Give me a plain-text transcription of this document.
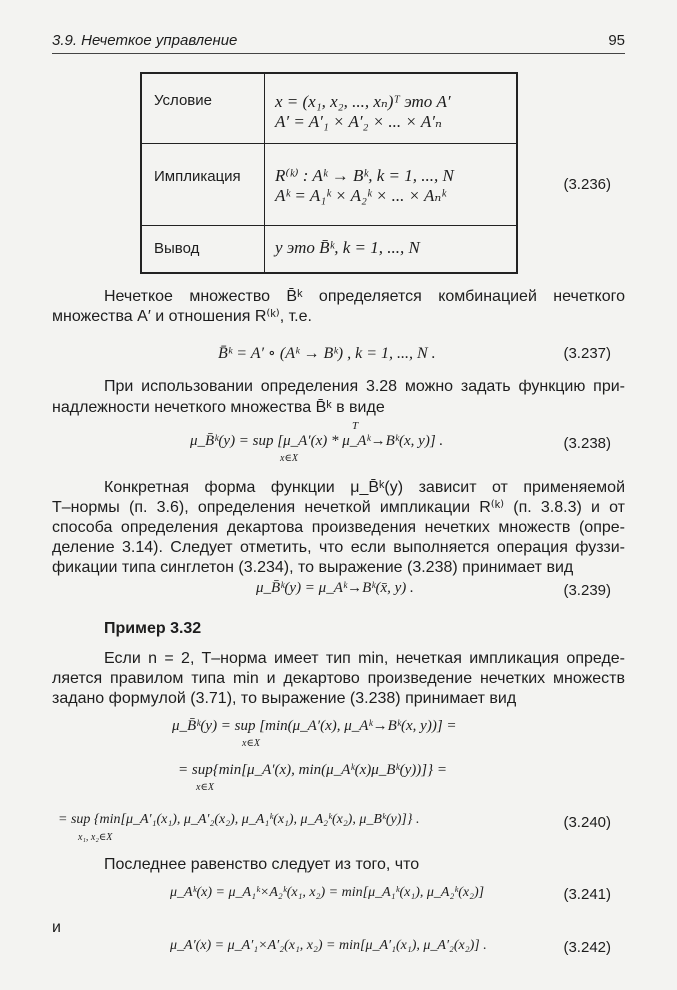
3.9. Нечеткое управление	95
Условие	x = (x₁, x₂, ..., xₙ)ᵀ это A′
A′ = A′₁ × A′₂ × ... × A′ₙ

Импликация	R⁽ᵏ⁾ : Aᵏ → Bᵏ, k = 1, ..., N
Aᵏ = A₁ᵏ × A₂ᵏ × ... × Aₙᵏ

Вывод	y это B̄ᵏ, k = 1, ..., N
(3.236)
Нечеткое множество B̄ᵏ определяется комбинацией нечеткого
множества A′ и отношения R⁽ᵏ⁾, т.е.
B̄ᵏ = A′ ∘ (Aᵏ → Bᵏ) , k = 1, ..., N .	(3.237)
При использовании определения 3.28 можно задать функцию при-
надлежности нечеткого множества B̄ᵏ в виде
T
μ_B̄ᵏ(y) = sup [μ_A′(x) * μ_Aᵏ→Bᵏ(x, y)] .
x∈X
(3.238)
Конкретная форма функции μ_B̄ᵏ(y) зависит от применяемой
T–нормы (п. 3.6), определения нечеткой импликации R⁽ᵏ⁾ (п. 3.8.3) и от
способа определения декартова произведения нечетких множеств (опре-
деление 3.14). Следует отметить, что если выполняется операция фуззи-
фикации типа синглетон (3.234), то выражение (3.238) принимает вид
μ_B̄ᵏ(y) = μ_Aᵏ→Bᵏ(x̄, y) .	(3.239)
Пример 3.32
Если n = 2, T–норма имеет тип min, нечеткая импликация опреде-
ляется правилом типа min и декартово произведение нечетких множеств
задано формулой (3.71), то выражение (3.238) принимает вид
μ_B̄ᵏ(y) = sup [min(μ_A′(x), μ_Aᵏ→Bᵏ(x, y))] =
x∈X
= sup{min[μ_A′(x), min(μ_Aᵏ(x)μ_Bᵏ(y))]} =
x∈X
= sup {min[μ_A′₁(x₁), μ_A′₂(x₂), μ_A₁ᵏ(x₁), μ_A₂ᵏ(x₂), μ_Bᵏ(y)]} .
x₁, x₂∈X
(3.240)
Последнее равенство следует из того, что
μ_Aᵏ(x) = μ_A₁ᵏ×A₂ᵏ(x₁, x₂) = min[μ_A₁ᵏ(x₁), μ_A₂ᵏ(x₂)]	(3.241)
и
μ_A′(x) = μ_A′₁×A′₂(x₁, x₂) = min[μ_A′₁(x₁), μ_A′₂(x₂)] .	(3.242)
